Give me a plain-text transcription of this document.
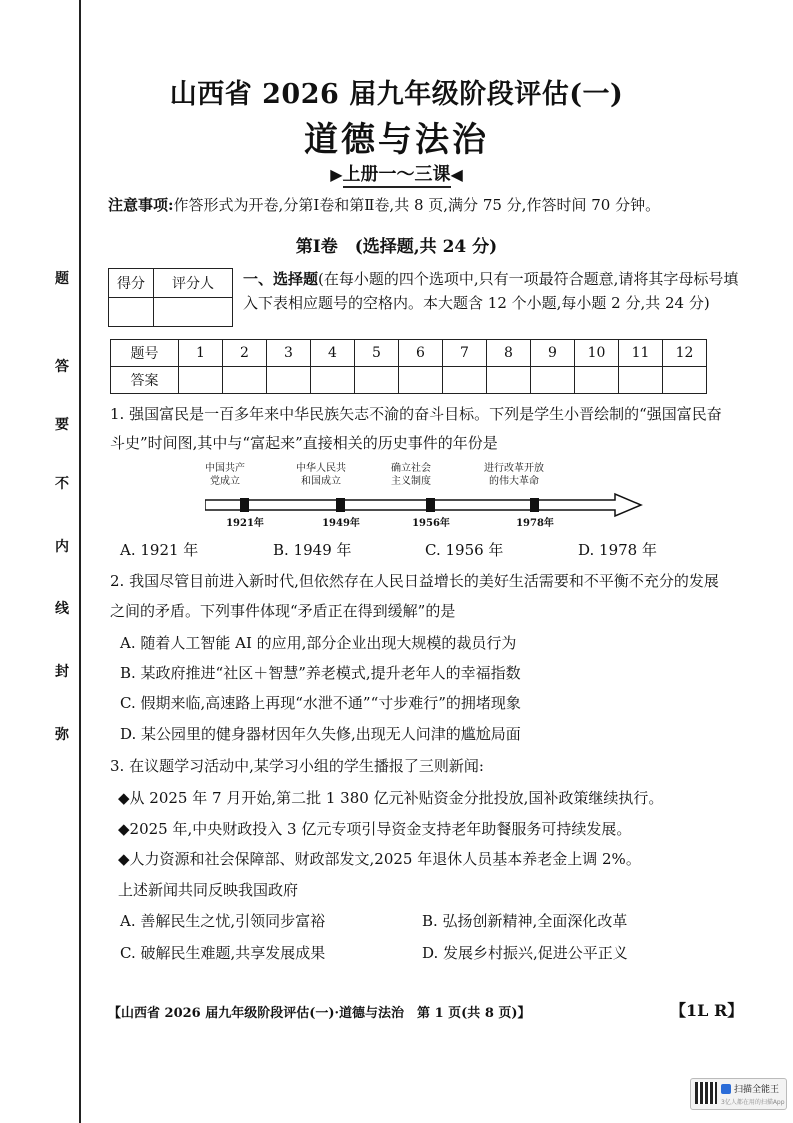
题
答
要
不
内
线
封
弥
山西省 2026 届九年级阶段评估(一)
道德与法治
▶上册一～三课◀
注意事项:作答形式为开卷,分第Ⅰ卷和第Ⅱ卷,共 8 页,满分 75 分,作答时间 70 分钟。
第Ⅰ卷　(选择题,共 24 分)
得分	评分人
	一、选择题(在每小题的四个选项中,只有一项最符合题意,请将其字母标号填入下表相应题号的空格内。本大题含 12 个小题,每小题 2 分,共 24 分)
题号	1	2	3	4	5	6	7	8	9	10	11	12
答案												
1. 强国富民是一百多年来中华民族矢志不渝的奋斗目标。下列是学生小晋绘制的“强国富民奋
斗史”时间图,其中与“富起来”直接相关的历史事件的年份是
中国共产
党成立
中华人民共
和国成立
确立社会
主义制度
进行改革开放
的伟大革命
1921年	1949年	1956年	1978年
A. 1921 年	B. 1949 年	C. 1956 年	D. 1978 年
2. 我国尽管目前进入新时代,但依然存在人民日益增长的美好生活需要和不平衡不充分的发展
之间的矛盾。下列事件体现“矛盾正在得到缓解”的是
A. 随着人工智能 AI 的应用,部分企业出现大规模的裁员行为
B. 某政府推进“社区＋智慧”养老模式,提升老年人的幸福指数
C. 假期来临,高速路上再现“水泄不通”“寸步难行”的拥堵现象
D. 某公园里的健身器材因年久失修,出现无人问津的尴尬局面
3. 在议题学习活动中,某学习小组的学生播报了三则新闻:
◆从 2025 年 7 月开始,第二批 1 380 亿元补贴资金分批投放,国补政策继续执行。
◆2025 年,中央财政投入 3 亿元专项引导资金支持老年助餐服务可持续发展。
◆人力资源和社会保障部、财政部发文,2025 年退休人员基本养老金上调 2%。
上述新闻共同反映我国政府
A. 善解民生之忧,引领同步富裕	B. 弘扬创新精神,全面深化改革
C. 破解民生难题,共享发展成果	D. 发展乡村振兴,促进公平正义
【山西省 2026 届九年级阶段评估(一)·道德与法治　第 1 页(共 8 页)】	【1L R】
扫描全能王
3亿人都在用的扫描App
